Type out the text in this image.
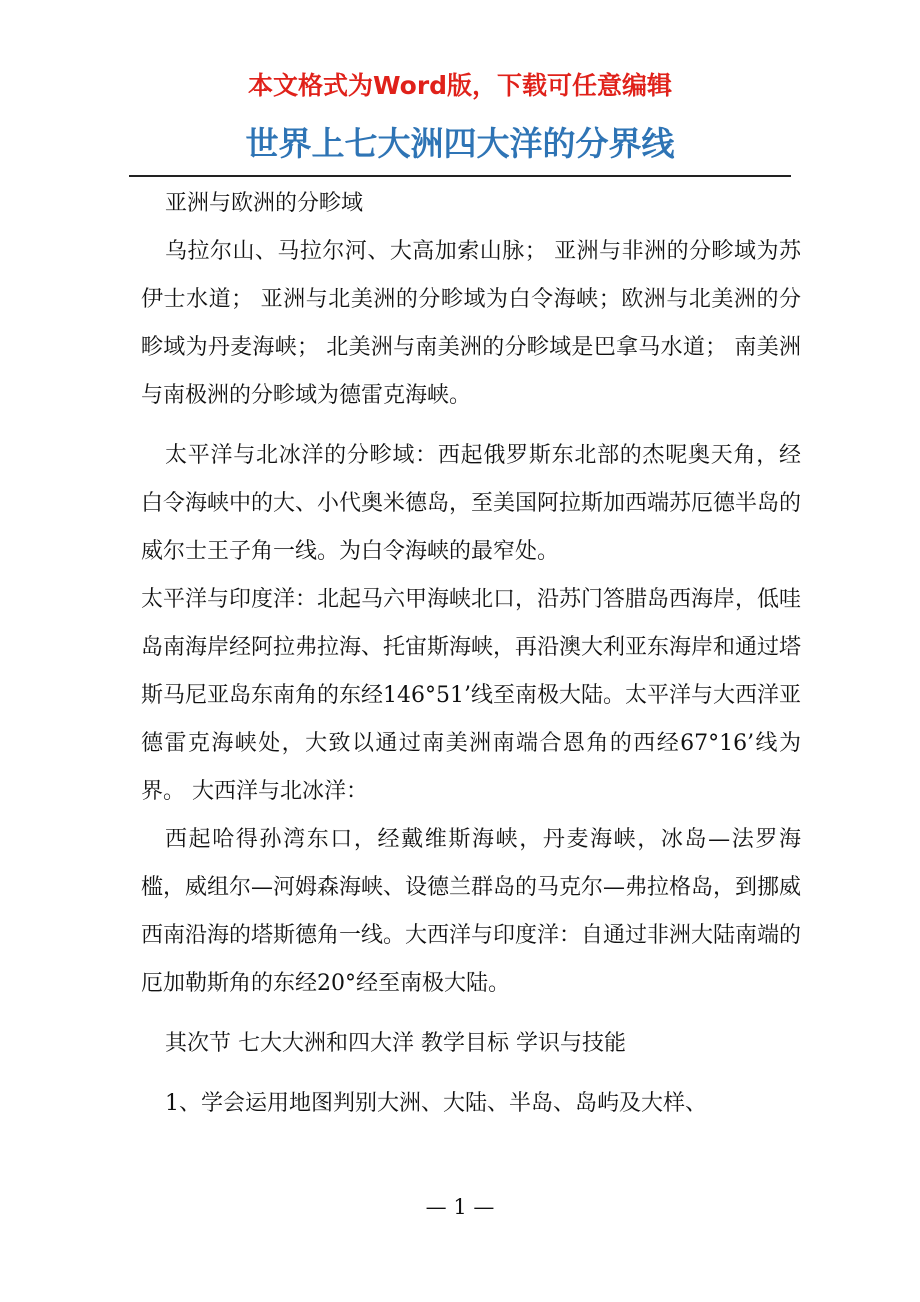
本文格式为Word版，下载可任意编辑
世界上七大洲四大洋的分界线

亚洲与欧洲的分畛域

乌拉尔山、马拉尔河、大高加索山脉； 亚洲与非洲的分畛域为苏伊士水道； 亚洲与北美洲的分畛域为白令海峡；欧洲与北美洲的分畛域为丹麦海峡； 北美洲与南美洲的分畛域是巴拿马水道； 南美洲与南极洲的分畛域为德雷克海峡。

太平洋与北冰洋的分畛域：西起俄罗斯东北部的杰呢奥天角，经白令海峡中的大、小代奥米德岛，至美国阿拉斯加西端苏厄德半岛的威尔士王子角一线。为白令海峡的最窄处。

太平洋与印度洋：北起马六甲海峡北口，沿苏门答腊岛西海岸，低哇岛南海岸经阿拉弗拉海、托宙斯海峡，再沿澳大利亚东海岸和通过塔斯马尼亚岛东南角的东经146°51’线至南极大陆。太平洋与大西洋亚德雷克海峡处，大致以通过南美洲南端合恩角的西经67°16’线为界。 大西洋与北冰洋：

西起哈得孙湾东口，经戴维斯海峡，丹麦海峡，冰岛—法罗海槛，威组尔—河姆森海峡、设德兰群岛的马克尔—弗拉格岛，到挪威西南沿海的塔斯德角一线。大西洋与印度洋：自通过非洲大陆南端的厄加勒斯角的东经20°经至南极大陆。

其次节 七大大洲和四大洋 教学目标 学识与技能

1、学会运用地图判别大洲、大陆、半岛、岛屿及大样、

— 1 —
